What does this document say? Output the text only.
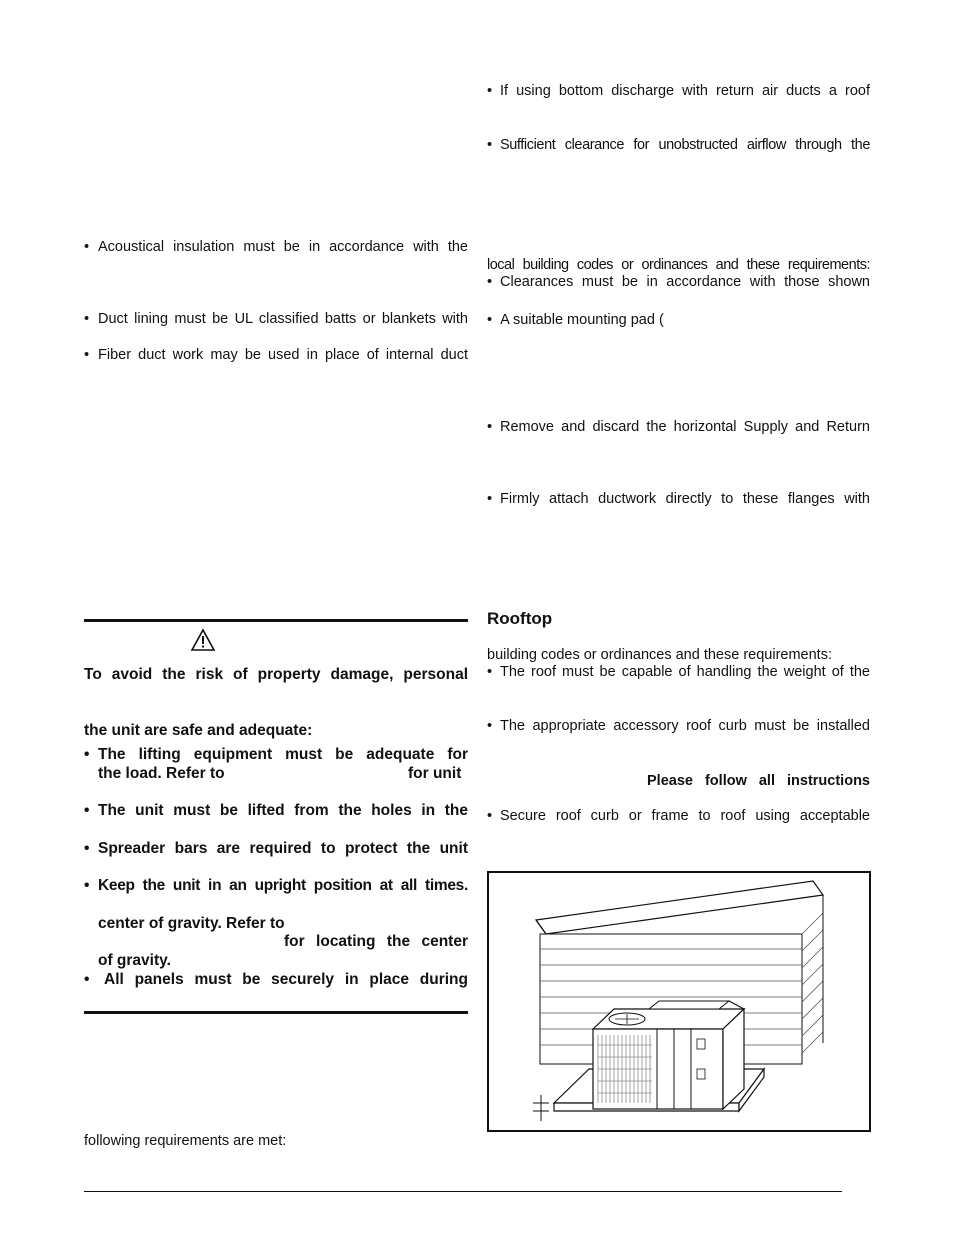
• If using bottom discharge with return air ducts a roof
• Sufficient clearance for unobstructed airflow through the
local building codes or ordinances and these requirements:
• Clearances must be in accordance with those shown
•  A suitable mounting pad (
• Remove and discard the horizontal Supply and Return
• Firmly attach ductwork directly to these flanges with
• Acoustical insulation must be in accordance with the
• Duct lining must be UL classified batts or blankets with
• Fiber duct work may be used in place of internal duct
To avoid the risk of property damage, personal
the unit are safe and adequate:
• The lifting equipment must be adequate for
the load. Refer to	for unit
• The unit must be lifted from the holes in the
• Spreader bars are required to protect the unit
• Keep the unit in an upright position at all times.
center of gravity. Refer to
for locating the center
of gravity.
• All panels must be securely in place during
following requirements are met:
Rooftop
building codes or ordinances and these requirements:
• The roof must be capable of handling the weight of the
• The appropriate accessory roof curb must be installed
Please follow all instructions
• Secure roof curb or frame to roof using acceptable
